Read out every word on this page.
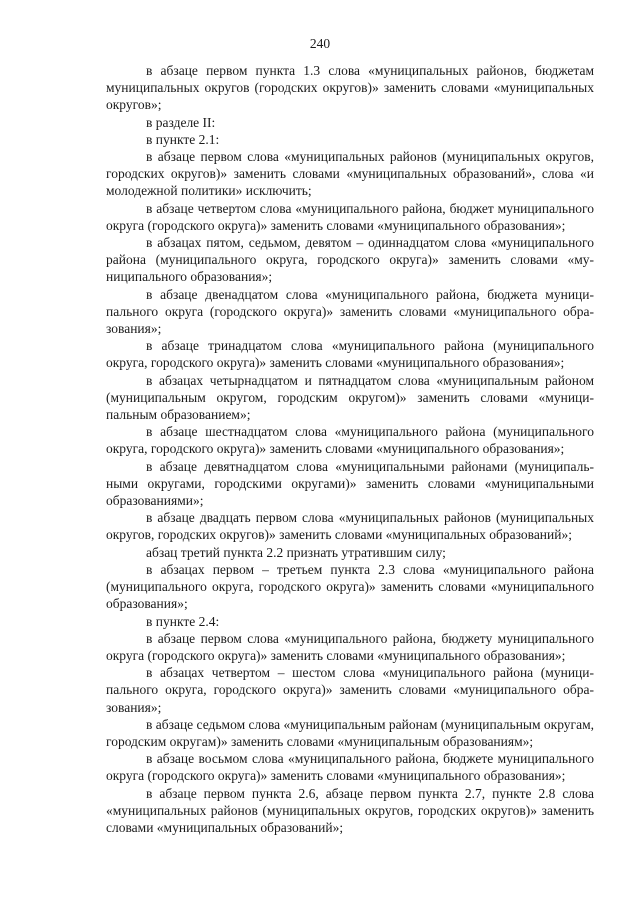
240

в абзаце первом пункта 1.3 слова «муниципальных районов, бюджетам муниципальных округов (городских округов)» заменить словами «муниципальных округов»;

в разделе II:

в пункте 2.1:

в абзаце первом слова «муниципальных районов (муниципальных округов, городских округов)» заменить словами «муниципальных образований», слова «и молодежной политики» исключить;

в абзаце четвертом слова «муниципального района, бюджет муниципального округа (городского округа)» заменить словами «муниципального образования»;

в абзацах пятом, седьмом, девятом – одиннадцатом слова «муниципального района (муниципального округа, городского округа)» заменить словами «муниципального образования»;

в абзаце двенадцатом слова «муниципального района, бюджета муниципального округа (городского округа)» заменить словами «муниципального образования»;

в абзаце тринадцатом слова «муниципального района (муниципального округа, городского округа)» заменить словами «муниципального образования»;

в абзацах четырнадцатом и пятнадцатом слова «муниципальным районом (муниципальным округом, городским округом)» заменить словами «муниципальным образованием»;

в абзаце шестнадцатом слова «муниципального района (муниципального округа, городского округа)» заменить словами «муниципального образования»;

в абзаце девятнадцатом слова «муниципальными районами (муниципальными округами, городскими округами)» заменить словами «муниципальными образованиями»;

в абзаце двадцать первом слова «муниципальных районов (муниципальных округов, городских округов)» заменить словами «муниципальных образований»;

абзац третий пункта 2.2 признать утратившим силу;

в абзацах первом – третьем пункта 2.3 слова «муниципального района (муниципального округа, городского округа)» заменить словами «муниципального образования»;

в пункте 2.4:

в абзаце первом слова «муниципального района, бюджету муниципального округа (городского округа)» заменить словами «муниципального образования»;

в абзацах четвертом – шестом слова «муниципального района (муниципального округа, городского округа)» заменить словами «муниципального образования»;

в абзаце седьмом слова «муниципальным районам (муниципальным округам, городским округам)» заменить словами «муниципальным образованиям»;

в абзаце восьмом слова «муниципального района, бюджете муниципального округа (городского округа)» заменить словами «муниципального образования»;

в абзаце первом пункта 2.6, абзаце первом пункта 2.7, пункте 2.8 слова «муниципальных районов (муниципальных округов, городских округов)» заменить словами «муниципальных образований»;
